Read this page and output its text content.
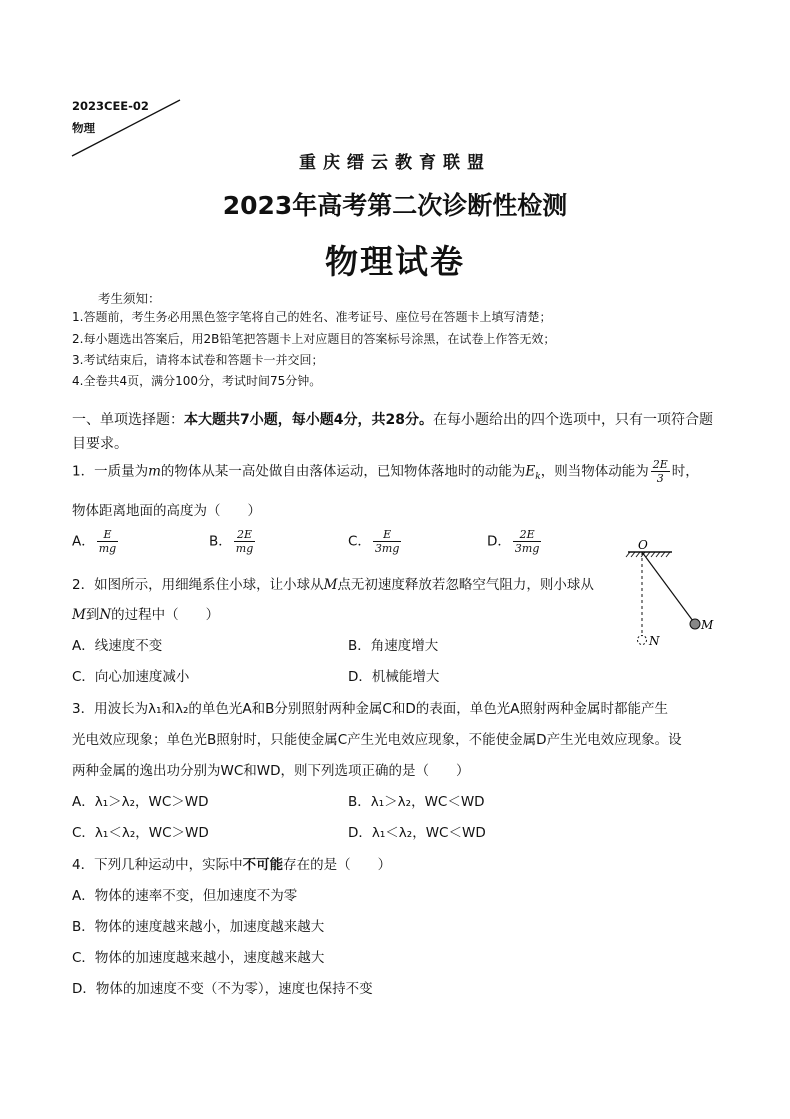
2023CEE-02
物理
重庆缙云教育联盟
2023年高考第二次诊断性检测
物理试卷
考生须知：
1.答题前，考生务必用黑色签字笔将自己的姓名、准考证号、座位号在答题卡上填写清楚；
2.每小题选出答案后，用2B铅笔把答题卡上对应题目的答案标号涂黑，在试卷上作答无效；
3.考试结束后，请将本试卷和答题卡一并交回；
4.全卷共4页，满分100分，考试时间75分钟。
一、单项选择题：本大题共7小题，每小题4分，共28分。在每小题给出的四个选项中，只有一项符合题目要求。
1．一质量为m的物体从某一高处做自由落体运动，已知物体落地时的动能为$E_k$，则当物体动能为 $\frac{2E}{3}$ 时，
物体距离地面的高度为（　　）
A． $\frac{E}{mg}$	B． $\frac{2E}{mg}$	C． $\frac{E}{3mg}$	D． $\frac{2E}{3mg}$
2．如图所示，用细绳系住小球，让小球从M点无初速度释放若忽略空气阻力，则小球从
M到N的过程中（　　）
A．线速度不变	B．角速度增大
C．向心加速度减小	D．机械能增大
O
M
N
3．用波长为λ₁和λ₂的单色光A和B分别照射两种金属C和D的表面，单色光A照射两种金属时都能产生
光电效应现象；单色光B照射时，只能使金属C产生光电效应现象，不能使金属D产生光电效应现象。设
两种金属的逸出功分别为WC和WD，则下列选项正确的是（　　）
A．λ₁＞λ₂，WC＞WD	B．λ₁＞λ₂，WC＜WD
C．λ₁＜λ₂，WC＞WD	D．λ₁＜λ₂，WC＜WD
4．下列几种运动中，实际中不可能存在的是（　　）
A．物体的速率不变，但加速度不为零
B．物体的速度越来越小，加速度越来越大
C．物体的加速度越来越小，速度越来越大
D．物体的加速度不变（不为零），速度也保持不变
